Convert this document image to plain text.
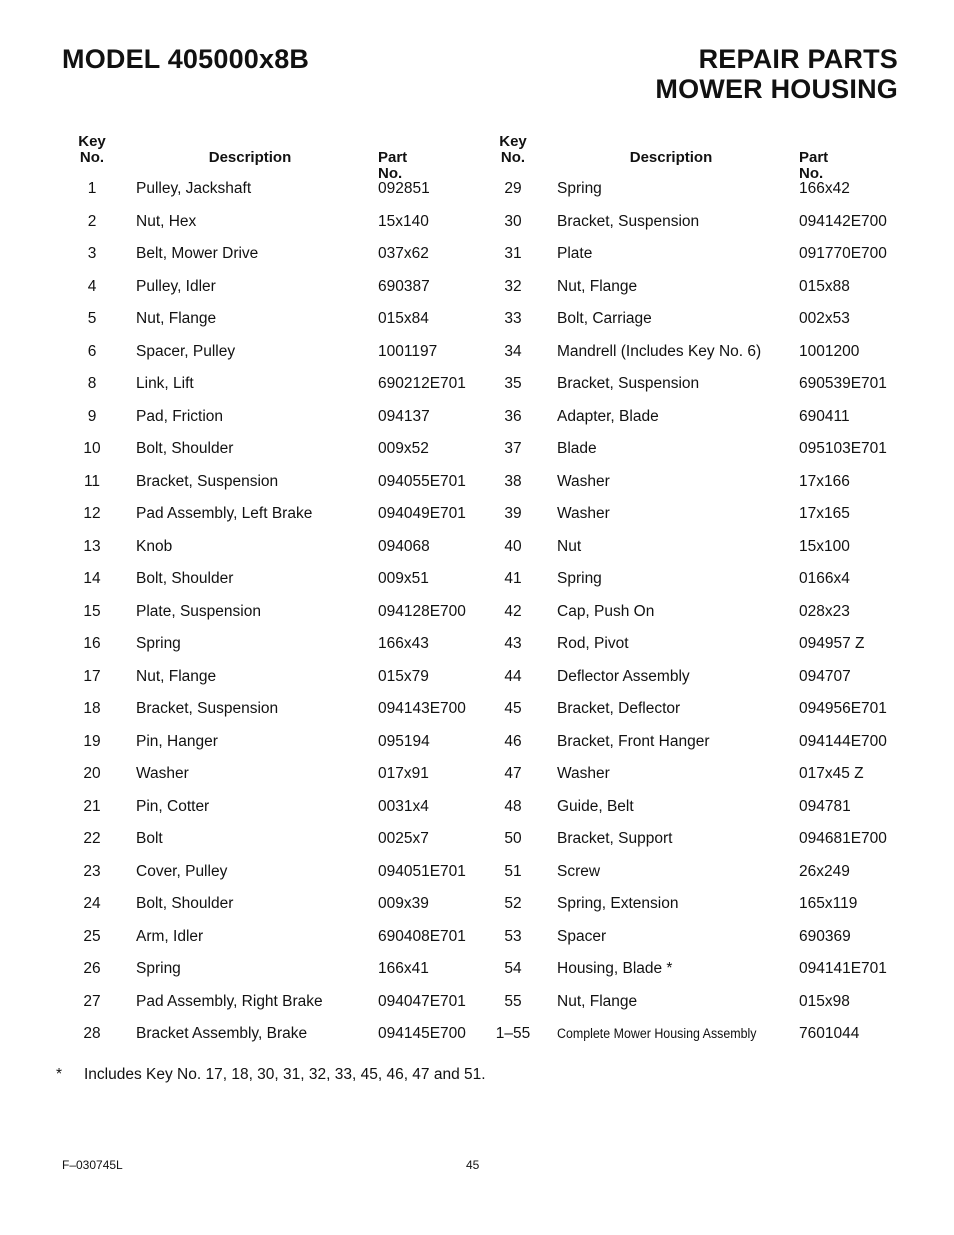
MODEL 405000x8B	REPAIR PARTS
MOWER HOUSING
Key
No.	Description	Part No.
1	Pulley, Jackshaft	092851
2	Nut, Hex	15x140
3	Belt, Mower Drive	037x62
4	Pulley, Idler	690387
5	Nut, Flange	015x84
6	Spacer, Pulley	1001197
8	Link, Lift	690212E701
9	Pad, Friction	094137
10	Bolt, Shoulder	009x52
11	Bracket, Suspension	094055E701
12	Pad Assembly, Left Brake	094049E701
13	Knob	094068
14	Bolt, Shoulder	009x51
15	Plate, Suspension	094128E700
16	Spring	166x43
17	Nut, Flange	015x79
18	Bracket, Suspension	094143E700
19	Pin, Hanger	095194
20	Washer	017x91
21	Pin, Cotter	0031x4
22	Bolt	0025x7
23	Cover, Pulley	094051E701
24	Bolt, Shoulder	009x39
25	Arm, Idler	690408E701
26	Spring	166x41
27	Pad Assembly, Right Brake	094047E701
28	Bracket Assembly, Brake	094145E700
Key
No.	Description	Part No.
29	Spring	166x42
30	Bracket, Suspension	094142E700
31	Plate	091770E700
32	Nut, Flange	015x88
33	Bolt, Carriage	002x53
34	Mandrell (Includes Key No. 6) 1001200
35	Bracket, Suspension	690539E701
36	Adapter, Blade	690411
37	Blade	095103E701
38	Washer	17x166
39	Washer	17x165
40	Nut	15x100
41	Spring	0166x4
42	Cap, Push On	028x23
43	Rod, Pivot	094957 Z
44	Deflector Assembly	094707
45	Bracket, Deflector	094956E701
46	Bracket, Front Hanger	094144E700
47	Washer	017x45 Z
48	Guide, Belt	094781
50	Bracket, Support	094681E700
51	Screw	26x249
52	Spring, Extension	165x119
53	Spacer	690369
54	Housing, Blade *	094141E701
55	Nut, Flange	015x98
1–55	Complete Mower Housing Assembly	7601044
* Includes Key No. 17, 18, 30, 31, 32, 33, 45, 46, 47 and 51.
F–030745L	45
